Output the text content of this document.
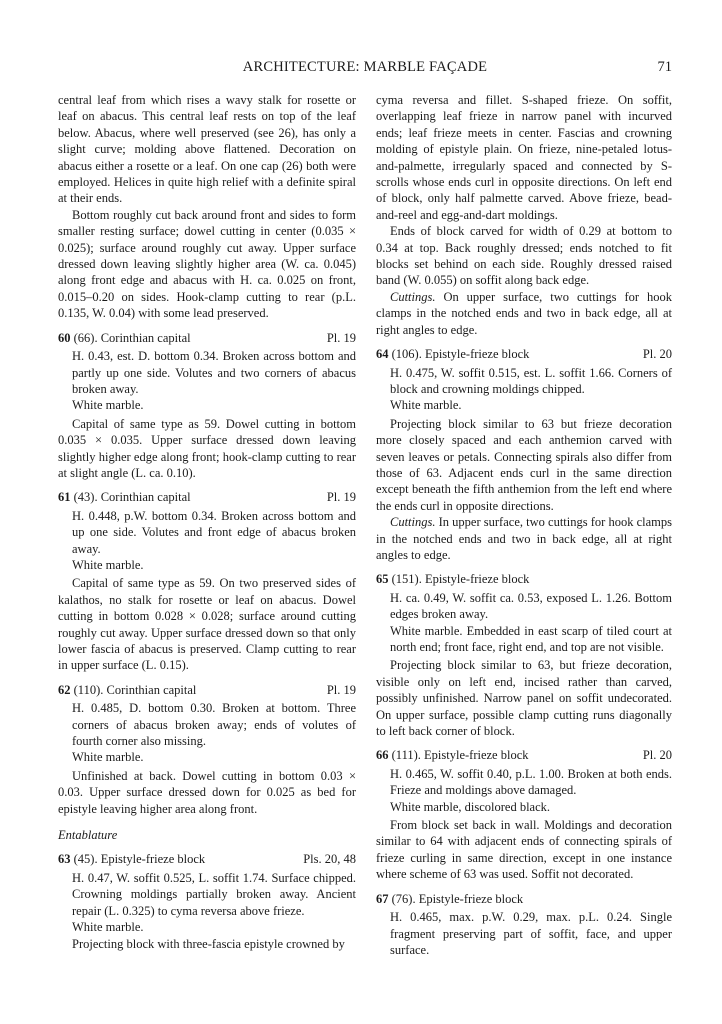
ARCHITECTURE: MARBLE FAÇADE	71

central leaf from which rises a wavy stalk for rosette or leaf on abacus. This central leaf rests on top of the leaf below. Abacus, where well preserved (see 26), has only a slight curve; molding above flattened. Decoration on abacus either a rosette or a leaf. On one cap (26) both were employed. Helices in quite high relief with a definite spiral at their ends.

Bottom roughly cut back around front and sides to form smaller resting surface; dowel cutting in center (0.035 × 0.025); surface around roughly cut away. Upper surface dressed down leaving slightly higher area (W. ca. 0.045) along front edge and abacus with H. ca. 0.025 on front, 0.015–0.20 on sides. Hook-clamp cutting to rear (p.L. 0.135, W. 0.04) with some lead preserved.

60 (66). Corinthian capital	Pl. 19

H. 0.43, est. D. bottom 0.34. Broken across bottom and partly up one side. Volutes and two corners of abacus broken away.

White marble.

Capital of same type as 59. Dowel cutting in bottom 0.035 × 0.035. Upper surface dressed down leaving slightly higher edge along front; hook-clamp cutting to rear at slight angle (L. ca. 0.10).

61 (43). Corinthian capital	Pl. 19

H. 0.448, p.W. bottom 0.34. Broken across bottom and up one side. Volutes and front edge of abacus broken away.

White marble.

Capital of same type as 59. On two preserved sides of kalathos, no stalk for rosette or leaf on abacus. Dowel cutting in bottom 0.028 × 0.028; surface around cutting roughly cut away. Upper surface dressed down so that only lower fascia of abacus is preserved. Clamp cutting to rear in upper surface (L. 0.15).

62 (110). Corinthian capital	Pl. 19

H. 0.485, D. bottom 0.30. Broken at bottom. Three corners of abacus broken away; ends of volutes of fourth corner also missing.

White marble.

Unfinished at back. Dowel cutting in bottom 0.03 × 0.03. Upper surface dressed down for 0.025 as bed for epistyle leaving higher area along front.

Entablature
63 (45). Epistyle-frieze block	Pls. 20, 48

H. 0.47, W. soffit 0.525, L. soffit 1.74. Surface chipped. Crowning moldings partially broken away. Ancient repair (L. 0.325) to cyma reversa above frieze.

White marble.

Projecting block with three-fascia epistyle crowned by

cyma reversa and fillet. S-shaped frieze. On soffit, overlapping leaf frieze in narrow panel with incurved ends; leaf frieze meets in center. Fascias and crowning molding of epistyle plain. On frieze, nine-petaled lotus-and-palmette, irregularly spaced and connected by S-scrolls whose ends curl in opposite directions. On left end of block, only half palmette carved. Above frieze, bead-and-reel and egg-and-dart moldings.

Ends of block carved for width of 0.29 at bottom to 0.34 at top. Back roughly dressed; ends notched to fit blocks set behind on each side. Roughly dressed raised band (W. 0.055) on soffit along back edge.

Cuttings. On upper surface, two cuttings for hook clamps in the notched ends and two in back edge, all at right angles to edge.

64 (106). Epistyle-frieze block	Pl. 20

H. 0.475, W. soffit 0.515, est. L. soffit 1.66. Corners of block and crowning moldings chipped.

White marble.

Projecting block similar to 63 but frieze decoration more closely spaced and each anthemion carved with seven leaves or petals. Connecting spirals also differ from those of 63. Adjacent ends curl in the same direction except beneath the fifth anthemion from the left end where the ends curl in opposite directions.

Cuttings. In upper surface, two cuttings for hook clamps in the notched ends and two in back edge, all at right angles to edge.

65 (151). Epistyle-frieze block

H. ca. 0.49, W. soffit ca. 0.53, exposed L. 1.26. Bottom edges broken away.

White marble. Embedded in east scarp of tiled court at north end; front face, right end, and top are not visible.

Projecting block similar to 63, but frieze decoration, visible only on left end, incised rather than carved, possibly unfinished. Narrow panel on soffit undecorated. On upper surface, possible clamp cutting runs diagonally to left back corner of block.

66 (111). Epistyle-frieze block	Pl. 20

H. 0.465, W. soffit 0.40, p.L. 1.00. Broken at both ends. Frieze and moldings above damaged.

White marble, discolored black.

From block set back in wall. Moldings and decoration similar to 64 with adjacent ends of connecting spirals of frieze curling in same direction, except in one instance where scheme of 63 was used. Soffit not decorated.

67 (76). Epistyle-frieze block

H. 0.465, max. p.W. 0.29, max. p.L. 0.24. Single fragment preserving part of soffit, face, and upper surface.
